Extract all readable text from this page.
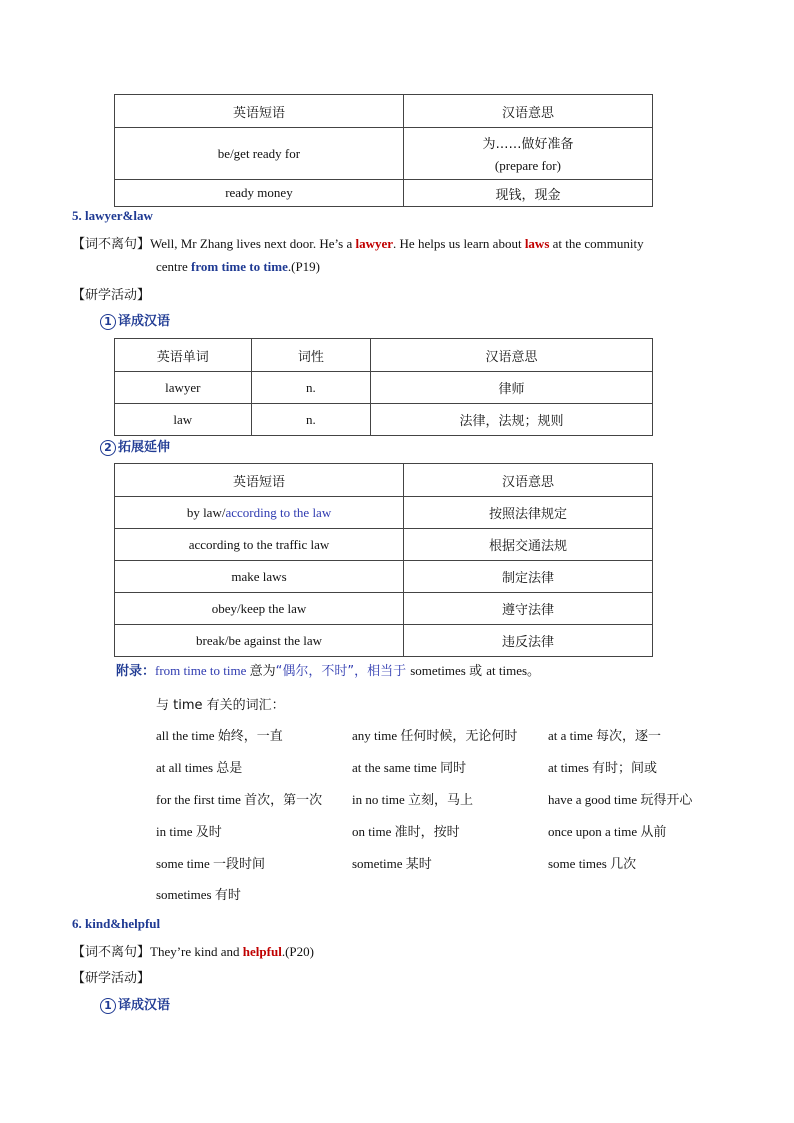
英语短语	汉语意思
be/get ready for	为……做好准备
(prepare for)

ready money	现钱，现金
5. lawyer&law
【词不离句】Well, Mr Zhang lives next door. He’s a lawyer. He helps us learn about laws at the community
centre from time to time.(P19)
【研学活动】
1 译成汉语
英语单词	词性	汉语意思
lawyer	n.	律师
law	n.	法律，法规；规则
2 拓展延伸
英语短语	汉语意思
by law/according to the law	按照法律规定
according to the traffic law	根据交通法规
make laws	制定法律
obey/keep the law	遵守法律
break/be against the law	违反法律
附录：from time to time 意为“偶尔，不时”，相当于 sometimes 或 at times。
与 time 有关的词汇：
all the time 始终，一直	any time 任何时候，无论何时 at a time 每次，逐一
at all times 总是	at the same time 同时	at times 有时；间或
for the first time 首次，第一次 in no time 立刻，马上	have a good time 玩得开心
in time 及时	on time 准时，按时	once upon a time 从前
some time 一段时间	sometime 某时	some times 几次
sometimes 有时
6. kind&helpful
【词不离句】They’re kind and helpful.(P20)
【研学活动】
1 译成汉语
